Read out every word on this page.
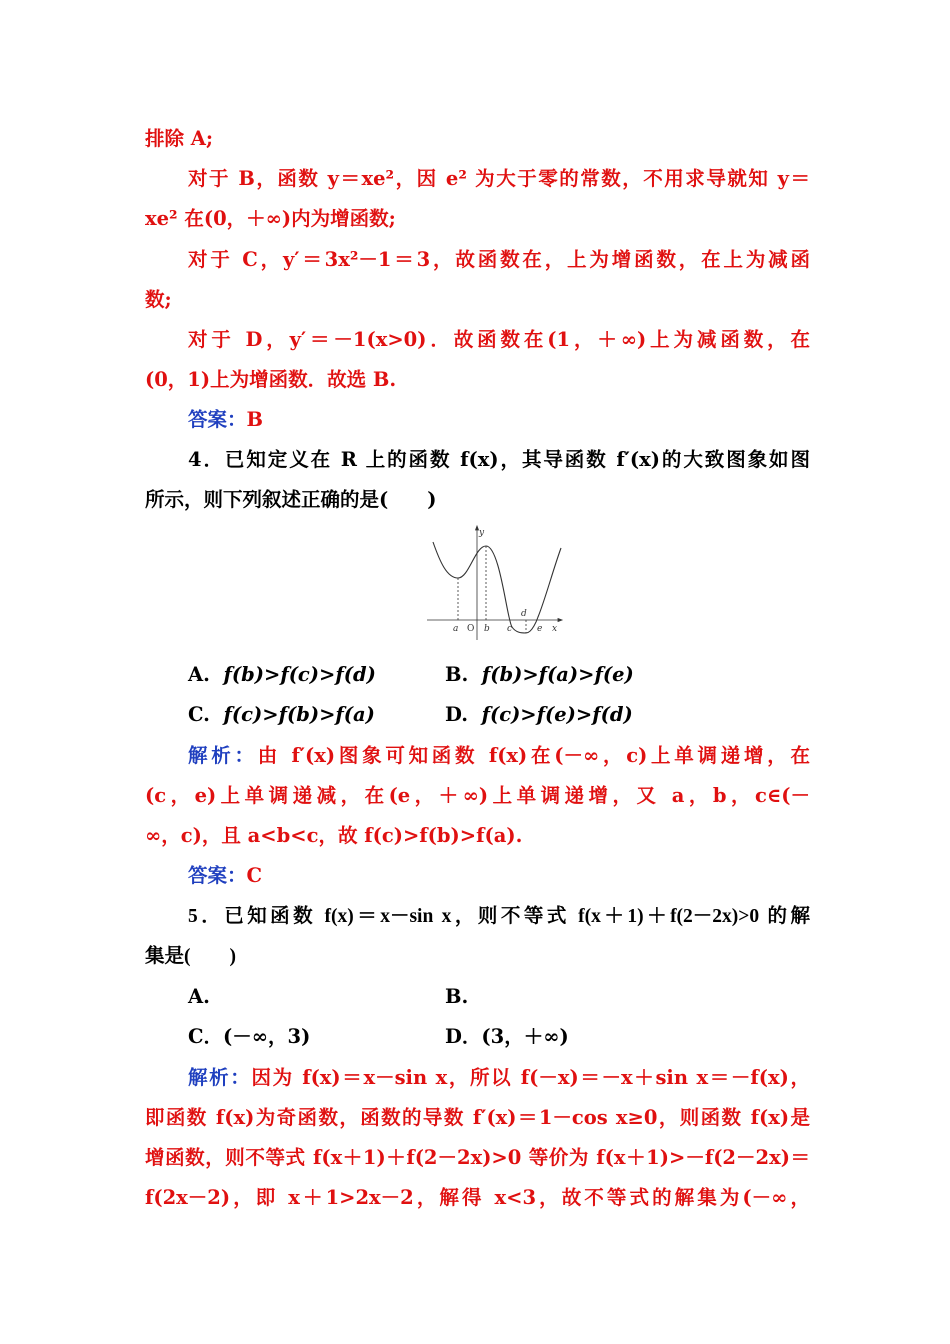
排除 A;
对于 B，函数 y＝xe²，因 e² 为大于零的常数，不用求导就知 y＝
xe² 在(0，＋∞)内为增函数;
对于 C，y′＝3x²－1＝3，故函数在，上为增函数，在上为减函
数;
对于 D，y′＝－1(x>0)．故函数在(1，＋∞)上为减函数，在
(0，1)上为增函数．故选 B.
答案：B
4．已知定义在 R 上的函数 f(x)，其导函数 f′(x)的大致图象如图
所示，则下列叙述正确的是(　　)
y
x
a O b c
d
e
A. f(b)>f(c)>f(d)	B. f(b)>f(a)>f(e)
C. f(c)>f(b)>f(a)	D. f(c)>f(e)>f(d)
解析：由 f′(x)图象可知函数 f(x)在(－∞，c)上单调递增，在
(c，e)上单调递减，在(e，＋∞)上单调递增，又 a，b，c∈(－
∞，c)，且 a<b<c，故 f(c)>f(b)>f(a).
答案：C
5．已知函数 f(x)＝x－sin x，则不等式 f(x＋1)＋f(2－2x)>0 的解
集是(　　)
A.	B.
C．(－∞，3)	D．(3，＋∞)
解析：因为 f(x)＝x－sin x，所以 f(－x)＝－x＋sin x＝－f(x)，
即函数 f(x)为奇函数，函数的导数 f′(x)＝1－cos x≥0，则函数 f(x)是
增函数，则不等式 f(x＋1)＋f(2－2x)>0 等价为 f(x＋1)>－f(2－2x)＝
f(2x－2)，即 x＋1>2x－2，解得 x<3，故不等式的解集为(－∞，
